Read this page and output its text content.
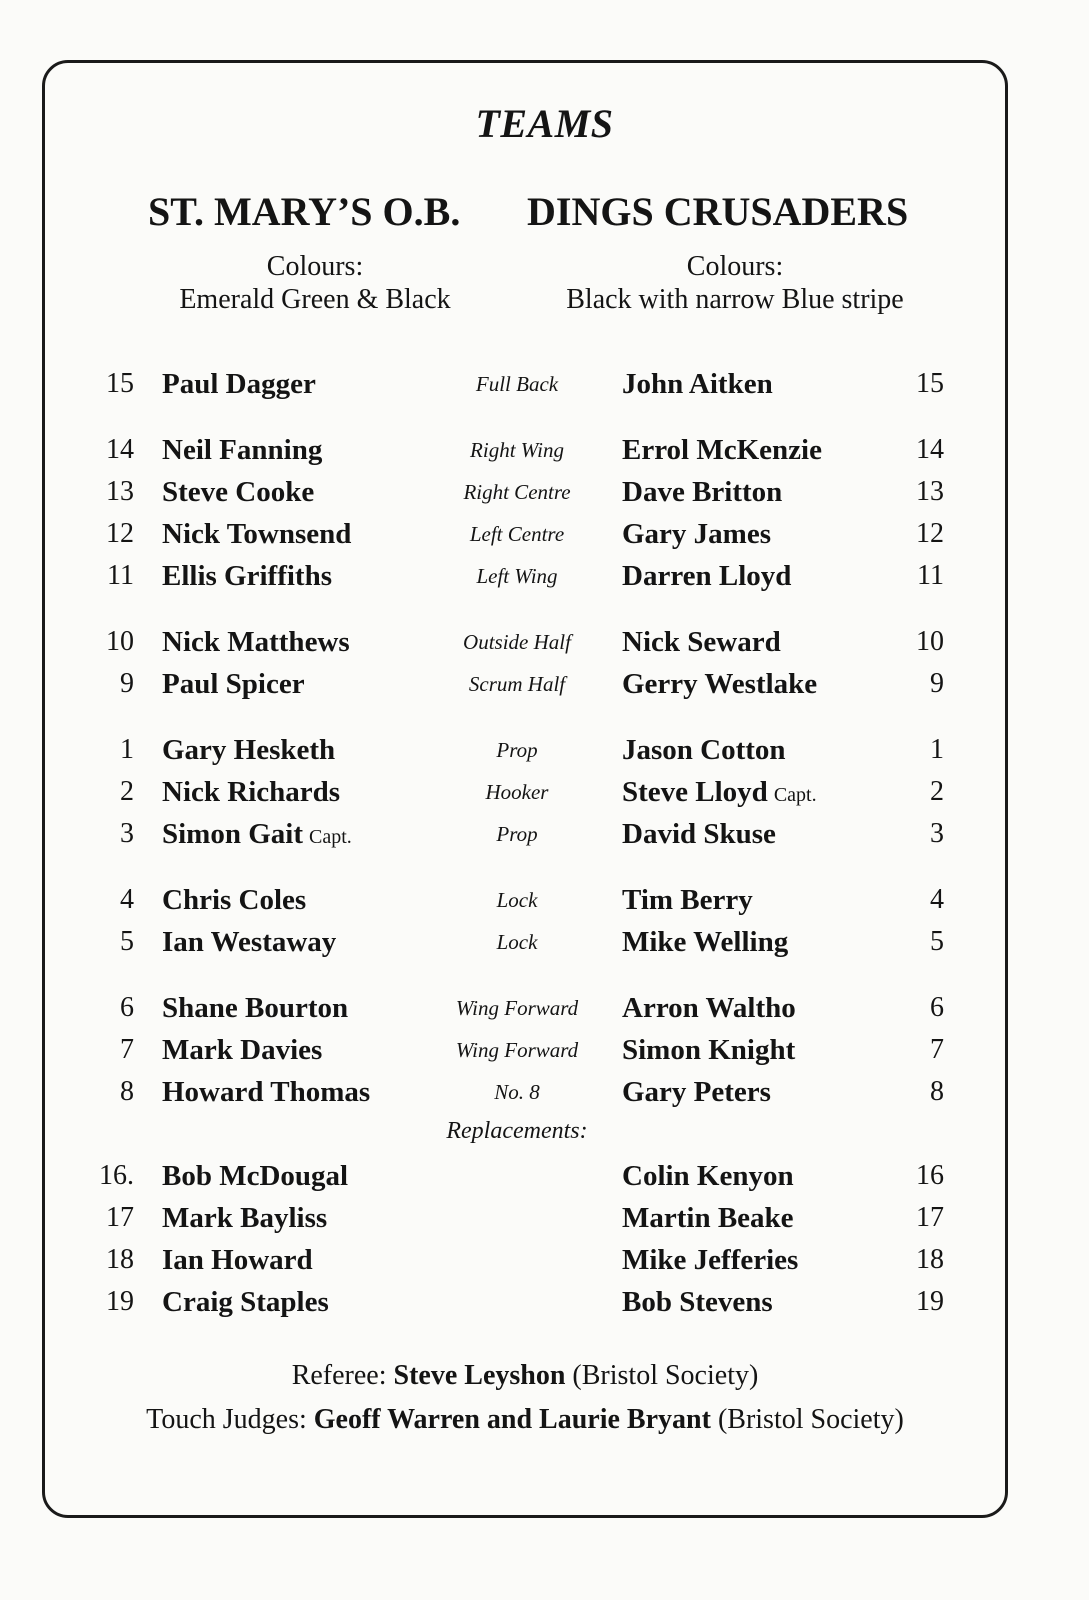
TEAMS
ST. MARY’S O.B. DINGS CRUSADERS
Colours:
Emerald Green & Black
Colours:
Black with narrow Blue stripe
15 Paul Dagger	Full Back	John Aitken	15
14 Neil Fanning	Right Wing	Errol McKenzie	14
13 Steve Cooke	Right Centre	Dave Britton	13
12 Nick Townsend	Left Centre	Gary James	12
11 Ellis Griffiths	Left Wing	Darren Lloyd	11
10 Nick Matthews	Outside Half	Nick Seward	10
9 Paul Spicer	Scrum Half	Gerry Westlake	9
1 Gary Hesketh	Prop	Jason Cotton	1
2 Nick Richards	Hooker	Steve Lloyd Capt.	2
3 Simon Gait Capt.	Prop	David Skuse	3
4 Chris Coles	Lock	Tim Berry	4
5 Ian Westaway	Lock	Mike Welling	5
6 Shane Bourton	Wing Forward	Arron Waltho	6
7 Mark Davies	Wing Forward	Simon Knight	7
8 Howard Thomas	No. 8	Gary Peters	8
Replacements:
16. Bob McDougal	Colin Kenyon	16
17 Mark Bayliss	Martin Beake	17
18 Ian Howard	Mike Jefferies	18
19 Craig Staples	Bob Stevens	19
Referee: Steve Leyshon (Bristol Society)
Touch Judges: Geoff Warren and Laurie Bryant (Bristol Society)
